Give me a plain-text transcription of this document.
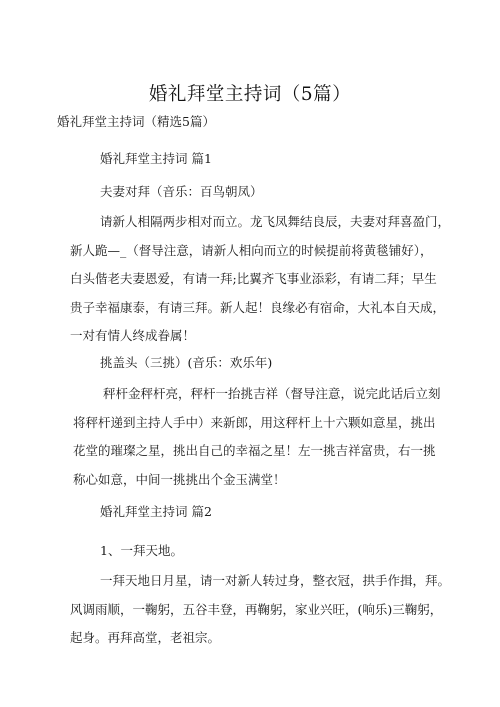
婚礼拜堂主持词（5篇）
婚礼拜堂主持词（精选5篇）
婚礼拜堂主持词 篇1
夫妻对拜（音乐：百鸟朝凤）
请新人相隔两步相对而立。龙飞凤舞结良辰，夫妻对拜喜盈门，
新人跪—_（督导注意，请新人相向而立的时候提前将黄毯铺好），
白头偕老夫妻恩爱，有请一拜;比翼齐飞事业添彩，有请二拜；早生
贵子幸福康泰，有请三拜。新人起！良缘必有宿命，大礼本自天成，
一对有情人终成眷属！
挑盖头（三挑）(音乐：欢乐年)
秤杆金秤杆亮，秤杆一抬挑吉祥（督导注意，说完此话后立刻
将秤杆递到主持人手中）来新郎，用这秤杆上十六颗如意星，挑出
花堂的璀璨之星，挑出自己的幸福之星！左一挑吉祥富贵，右一挑
称心如意，中间一挑挑出个金玉满堂！
婚礼拜堂主持词 篇2
1、一拜天地。
一拜天地日月星，请一对新人转过身，整衣冠，拱手作揖，拜。
风调雨顺，一鞠躬，五谷丰登，再鞠躬，家业兴旺，(响乐)三鞠躬，
起身。再拜高堂，老祖宗。
